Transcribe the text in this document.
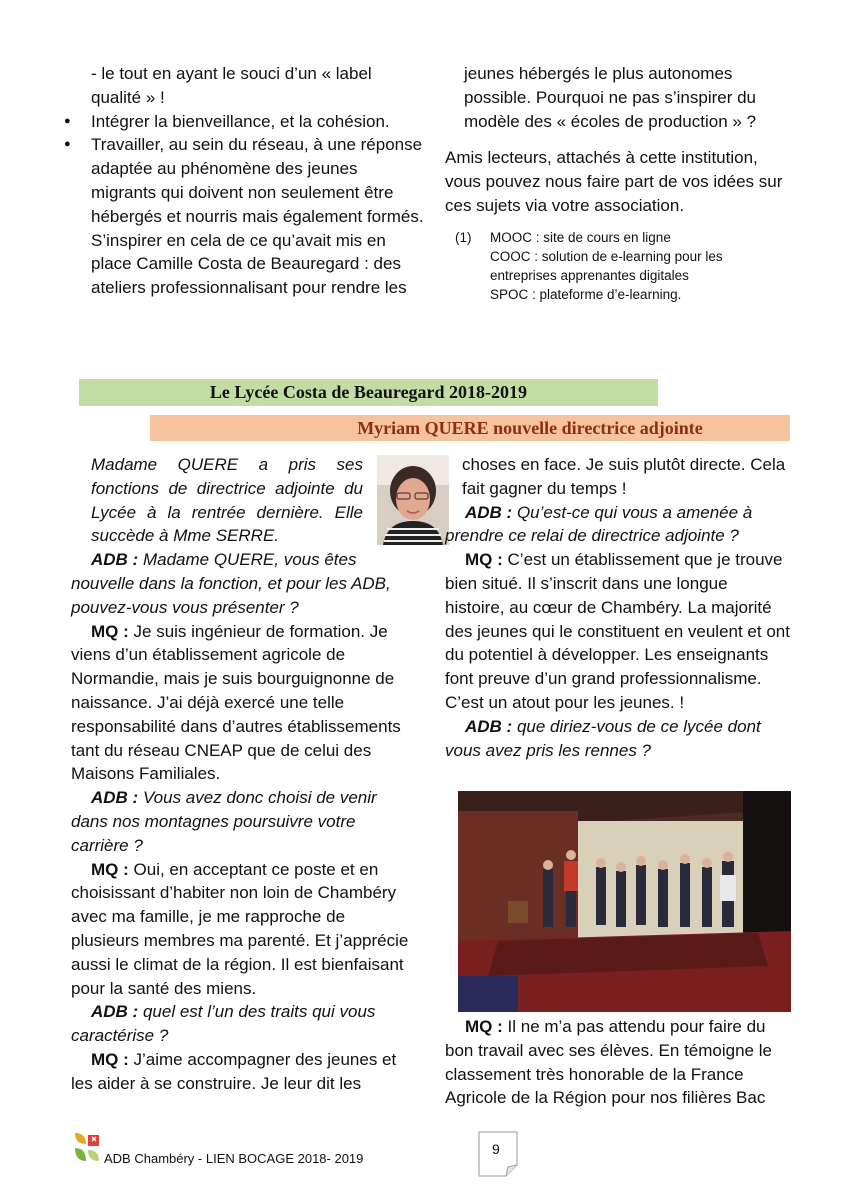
- le tout en ayant le souci d’un « label qualité » !

● Intégrer la bienveillance, et la cohésion.
● Travailler, au sein du réseau, à une réponse adaptée au phénomène des jeunes migrants qui doivent non seulement être hébergés et nourris mais également formés. S’inspirer en cela de ce qu’avait mis en place Camille Costa de Beauregard : des ateliers professionnalisant pour rendre les

jeunes hébergés le plus autonomes possible. Pourquoi ne pas s’inspirer du modèle des « écoles de production » ?

Amis lecteurs, attachés à cette institution, vous pouvez nous faire part de vos idées sur ces sujets via votre association.

(1) MOOC : site de cours en ligne
COOC : solution de e-learning pour les entreprises apprenantes digitales
SPOC : plateforme d’e-learning.
Le Lycée Costa de Beauregard 2018-2019
Myriam QUERE nouvelle directrice adjointe

Madame QUERE a pris ses fonctions de directrice adjointe du Lycée à la rentrée dernière. Elle succède à Mme SERRE.

ADB : Madame QUERE, vous êtes nouvelle dans la fonction, et pour les ADB, pouvez-vous vous présenter ?

MQ : Je suis ingénieur de formation. Je viens d’un établissement agricole de Normandie, mais je suis bourguignonne de naissance. J’ai déjà exercé une telle responsabilité dans d’autres établissements tant du réseau CNEAP que de celui des Maisons Familiales.

ADB : Vous avez donc choisi de venir dans nos montagnes poursuivre votre carrière ?

MQ : Oui, en acceptant ce poste et en choisissant d’habiter non loin de Chambéry avec ma famille, je me rapproche de plusieurs membres ma parenté. Et j’apprécie aussi le climat de la région. Il est bienfaisant pour la santé des miens.

ADB : quel est l’un des traits qui vous caractérise ?

MQ : J’aime accompagner des jeunes et les aider à se construire. Je leur dit les

choses en face. Je suis plutôt directe. Cela fait gagner du temps !

ADB : Qu’est-ce qui vous a amenée à prendre ce relai de directrice adjointe ?

MQ : C’est un établissement que je trouve bien situé. Il s’inscrit dans une longue histoire, au cœur de Chambéry. La majorité des jeunes qui le constituent en veulent et ont du potentiel à développer. Les enseignants font preuve d’un grand professionnalisme. C’est un atout pour les jeunes. !

ADB : que diriez-vous de ce lycée dont vous avez pris les rennes ?

MQ : Il ne m’a pas attendu pour faire du bon travail avec ses élèves. En témoigne le classement très honorable de la France Agricole de la Région pour nos filières Bac

ADB Chambéry - LIEN BOCAGE 2018- 2019
9
